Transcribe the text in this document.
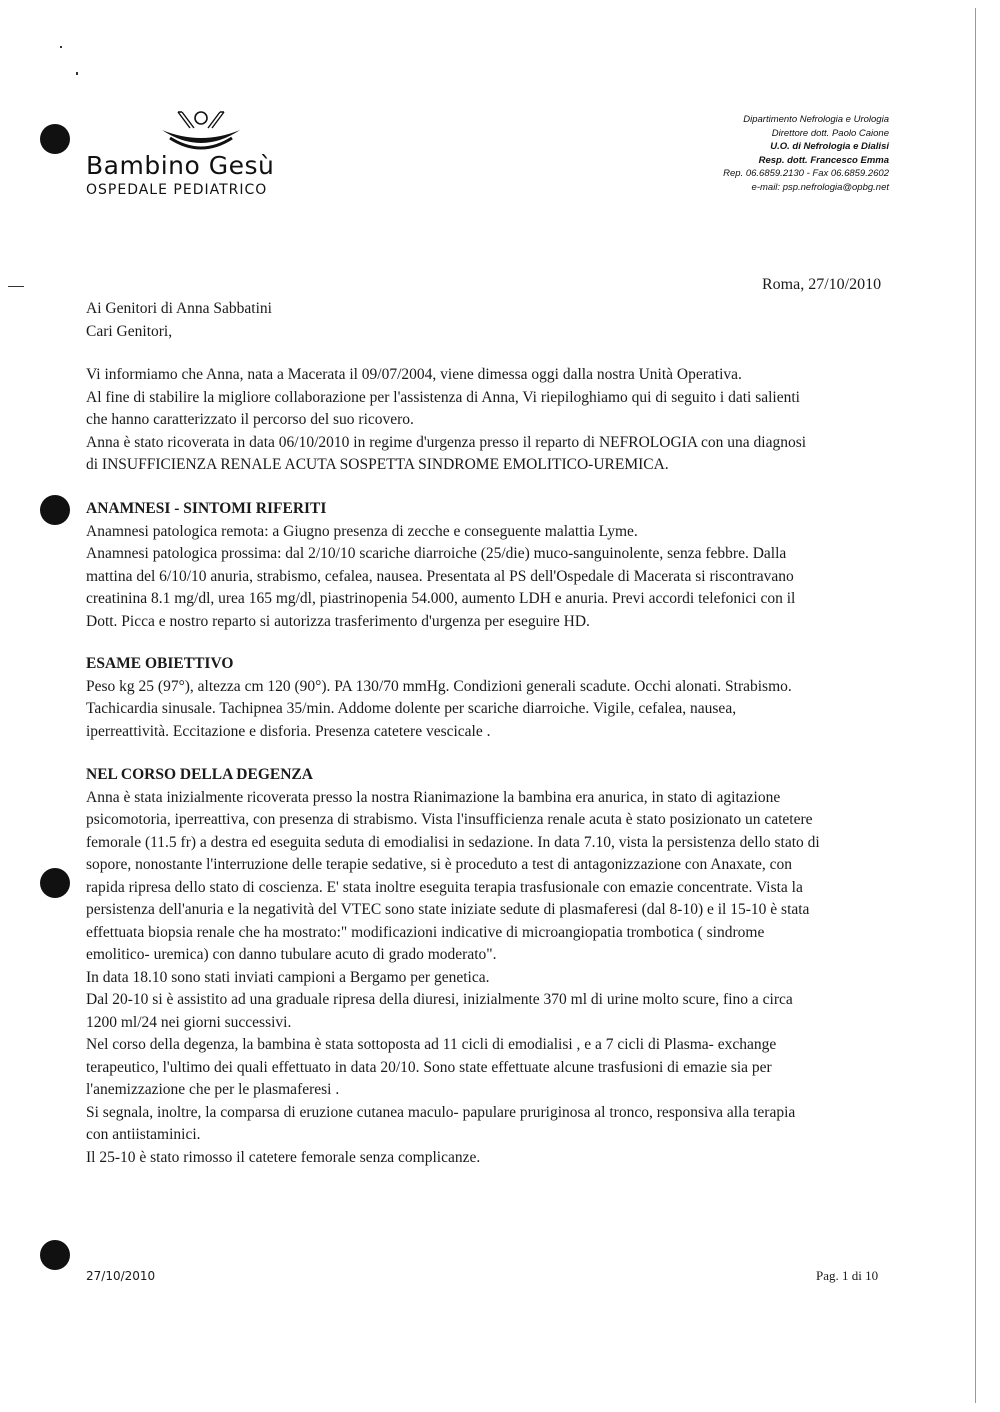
Bambino Gesù
OSPEDALE PEDIATRICO
Dipartimento Nefrologia e Urologia
Direttore dott. Paolo Caione
U.O. di Nefrologia e Dialisi
Resp. dott. Francesco Emma
Rep. 06.6859.2130 - Fax 06.6859.2602
e-mail: psp.nefrologia@opbg.net
Roma, 27/10/2010

Ai Genitori di Anna Sabbatini

Cari Genitori,

Vi informiamo che Anna, nata a Macerata il 09/07/2004, viene dimessa oggi dalla nostra Unità Operativa.

Al fine di stabilire la migliore collaborazione per l'assistenza di Anna, Vi riepiloghiamo qui di seguito i dati salienti

che hanno caratterizzato il percorso del suo ricovero.

Anna è stato ricoverata in data 06/10/2010 in regime d'urgenza presso il reparto di NEFROLOGIA con una diagnosi

di INSUFFICIENZA RENALE ACUTA SOSPETTA SINDROME EMOLITICO-UREMICA.

ANAMNESI - SINTOMI RIFERITI

Anamnesi patologica remota: a Giugno presenza di zecche e conseguente malattia Lyme.

Anamnesi patologica prossima: dal 2/10/10 scariche diarroiche (25/die) muco-sanguinolente, senza febbre. Dalla

mattina del 6/10/10 anuria, strabismo, cefalea, nausea. Presentata al PS dell'Ospedale di Macerata si riscontravano

creatinina 8.1 mg/dl, urea 165 mg/dl, piastrinopenia 54.000, aumento LDH e anuria. Previ accordi telefonici con il

Dott. Picca e nostro reparto si autorizza trasferimento d'urgenza per eseguire HD.

ESAME OBIETTIVO

Peso kg 25 (97°), altezza cm 120 (90°). PA 130/70 mmHg. Condizioni generali scadute. Occhi alonati. Strabismo.

Tachicardia sinusale. Tachipnea 35/min. Addome dolente per scariche diarroiche. Vigile, cefalea, nausea,

iperreattività. Eccitazione e disforia. Presenza catetere vescicale .

NEL CORSO DELLA DEGENZA

Anna è stata inizialmente ricoverata presso la nostra Rianimazione la bambina era anurica, in stato di agitazione

psicomotoria, iperreattiva, con presenza di strabismo. Vista l'insufficienza renale acuta è stato posizionato un catetere

femorale (11.5 fr) a destra ed eseguita seduta di emodialisi in sedazione. In data 7.10, vista la persistenza dello stato di

sopore, nonostante l'interruzione delle terapie sedative, si è proceduto a test di antagonizzazione con Anaxate, con

rapida ripresa dello stato di coscienza. E' stata inoltre eseguita terapia trasfusionale con emazie concentrate. Vista la

persistenza dell'anuria e la negatività del VTEC sono state iniziate sedute di plasmaferesi (dal 8-10) e il 15-10 è stata

effettuata biopsia renale che ha mostrato:" modificazioni indicative di microangiopatia trombotica ( sindrome

emolitico- uremica) con danno tubulare acuto di grado moderato".

In data 18.10 sono stati inviati campioni a Bergamo per genetica.

Dal 20-10 si è assistito ad una graduale ripresa della diuresi, inizialmente 370 ml di urine molto scure, fino a circa

1200 ml/24 nei giorni successivi.

Nel corso della degenza, la bambina è stata sottoposta ad 11 cicli di emodialisi , e a 7 cicli di Plasma- exchange

terapeutico, l'ultimo dei quali effettuato in data 20/10. Sono state effettuate alcune trasfusioni di emazie sia per

l'anemizzazione che per le plasmaferesi .

Si segnala, inoltre, la comparsa di eruzione cutanea maculo- papulare pruriginosa al tronco, responsiva alla terapia

con antiistaminici.

Il 25-10 è stato rimosso il catetere femorale senza complicanze.

27/10/2010	Pag. 1 di 10
